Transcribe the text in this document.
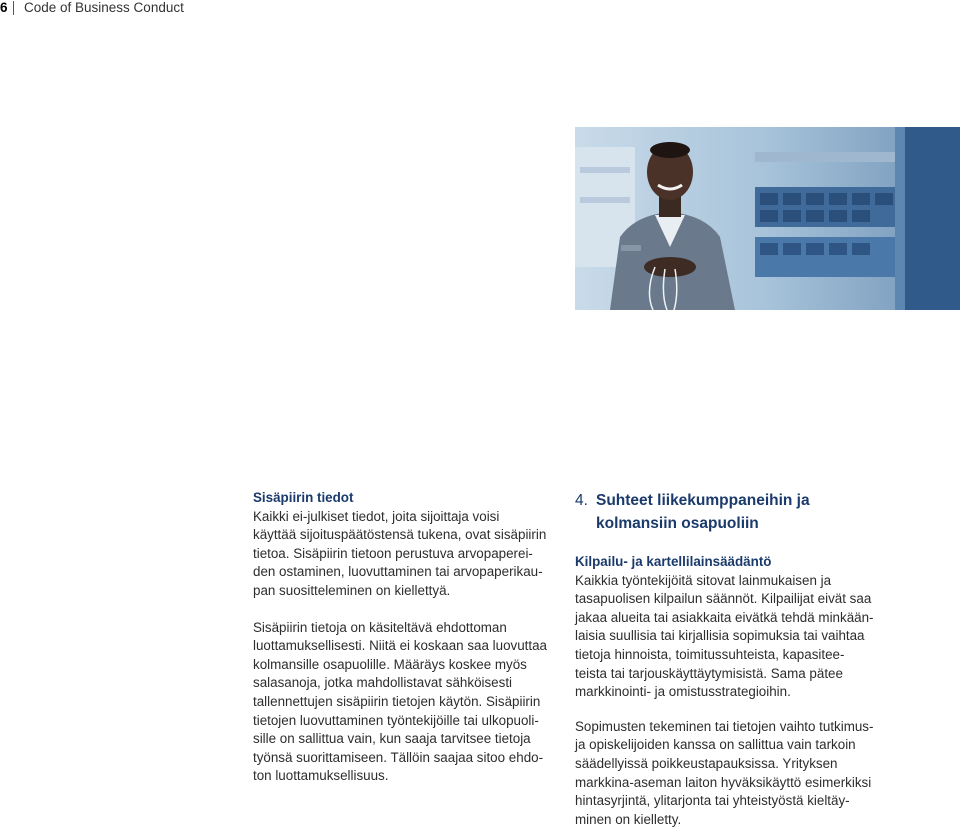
6 Code of Business Conduct

Sisäpiirin tiedot

Kaikki ei-julkiset tiedot, joita sijoittaja voisi
käyttää sijoituspäätöstensä tukena, ovat sisäpiirin
tietoa. Sisäpiirin tietoon perustuva arvopaperei-
den ostaminen, luovuttaminen tai arvopaperikau-
pan suositteleminen on kiellettyä.

Sisäpiirin tietoja on käsiteltävä ehdottoman
luottamuksellisesti. Niitä ei koskaan saa luovuttaa
kolmansille osapuolille. Määräys koskee myös
salasanoja, jotka mahdollistavat sähköisesti
tallennettujen sisäpiirin tietojen käytön. Sisäpiirin
tietojen luovuttaminen työntekijöille tai ulkopuoli-
sille on sallittua vain, kun saaja tarvitsee tietoja
työnsä suorittamiseen. Tällöin saajaa sitoo ehdo-
ton luottamuksellisuus.

4. Suhteet liikekumppaneihin ja
kolmansiin osapuoliin

Kilpailu- ja kartellilainsäädäntö

Kaikkia työntekijöitä sitovat lainmukaisen ja
tasapuolisen kilpailun säännöt. Kilpailijat eivät saa
jakaa alueita tai asiakkaita eivätkä tehdä minkään-
laisia suullisia tai kirjallisia sopimuksia tai vaihtaa
tietoja hinnoista, toimitussuhteista, kapasitee-
teista tai tarjouskäyttäytymisistä. Sama pätee
markkinointi- ja omistusstrategioihin.

Sopimusten tekeminen tai tietojen vaihto tutkimus-
ja opiskelijoiden kanssa on sallittua vain tarkoin
säädellyissä poikkeustapauksissa. Yrityksen
markkina-aseman laiton hyväksikäyttö esimerkiksi
hintasyrjintä, ylitarjonta tai yhteistyöstä kieltäy-
minen on kielletty.
